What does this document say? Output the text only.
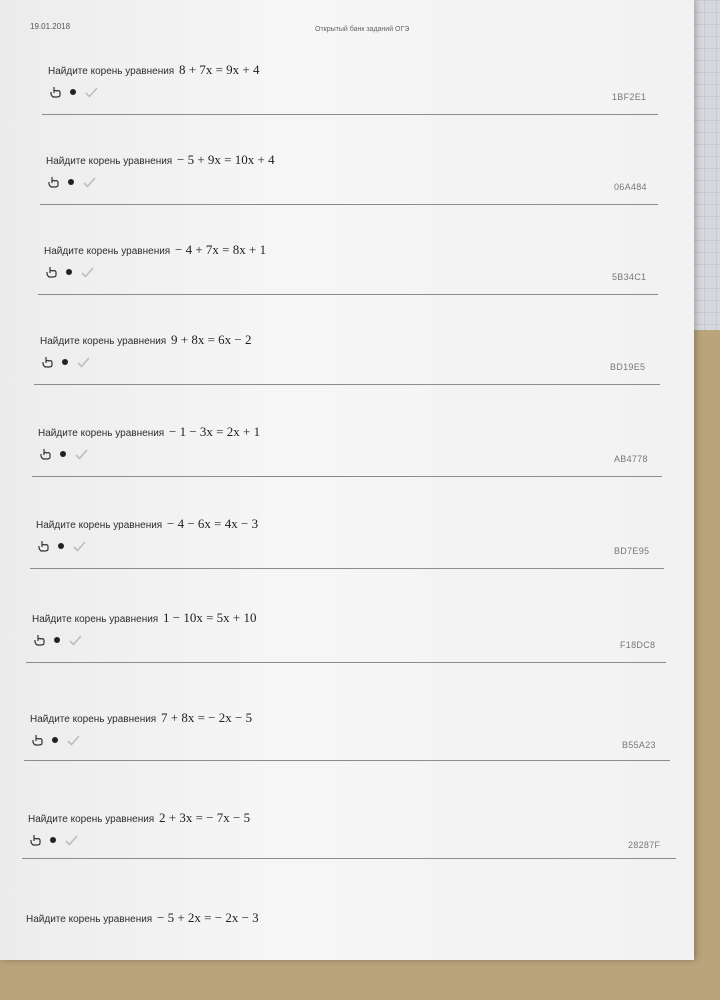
19.01.2018	Открытый банк заданий ОГЭ
Найдите корень уравнения 8 + 7x = 9x + 4
1BF2E1
Найдите корень уравнения − 5 + 9x = 10x + 4
06A484
Найдите корень уравнения − 4 + 7x = 8x + 1
5B34C1
Найдите корень уравнения 9 + 8x = 6x − 2
BD19E5
Найдите корень уравнения − 1 − 3x = 2x + 1
AB4778
Найдите корень уравнения − 4 − 6x = 4x − 3
BD7E95
Найдите корень уравнения 1 − 10x = 5x + 10
F18DC8
Найдите корень уравнения 7 + 8x = − 2x − 5
B55A23
Найдите корень уравнения 2 + 3x = − 7x − 5
28287F
Найдите корень уравнения − 5 + 2x = − 2x − 3
